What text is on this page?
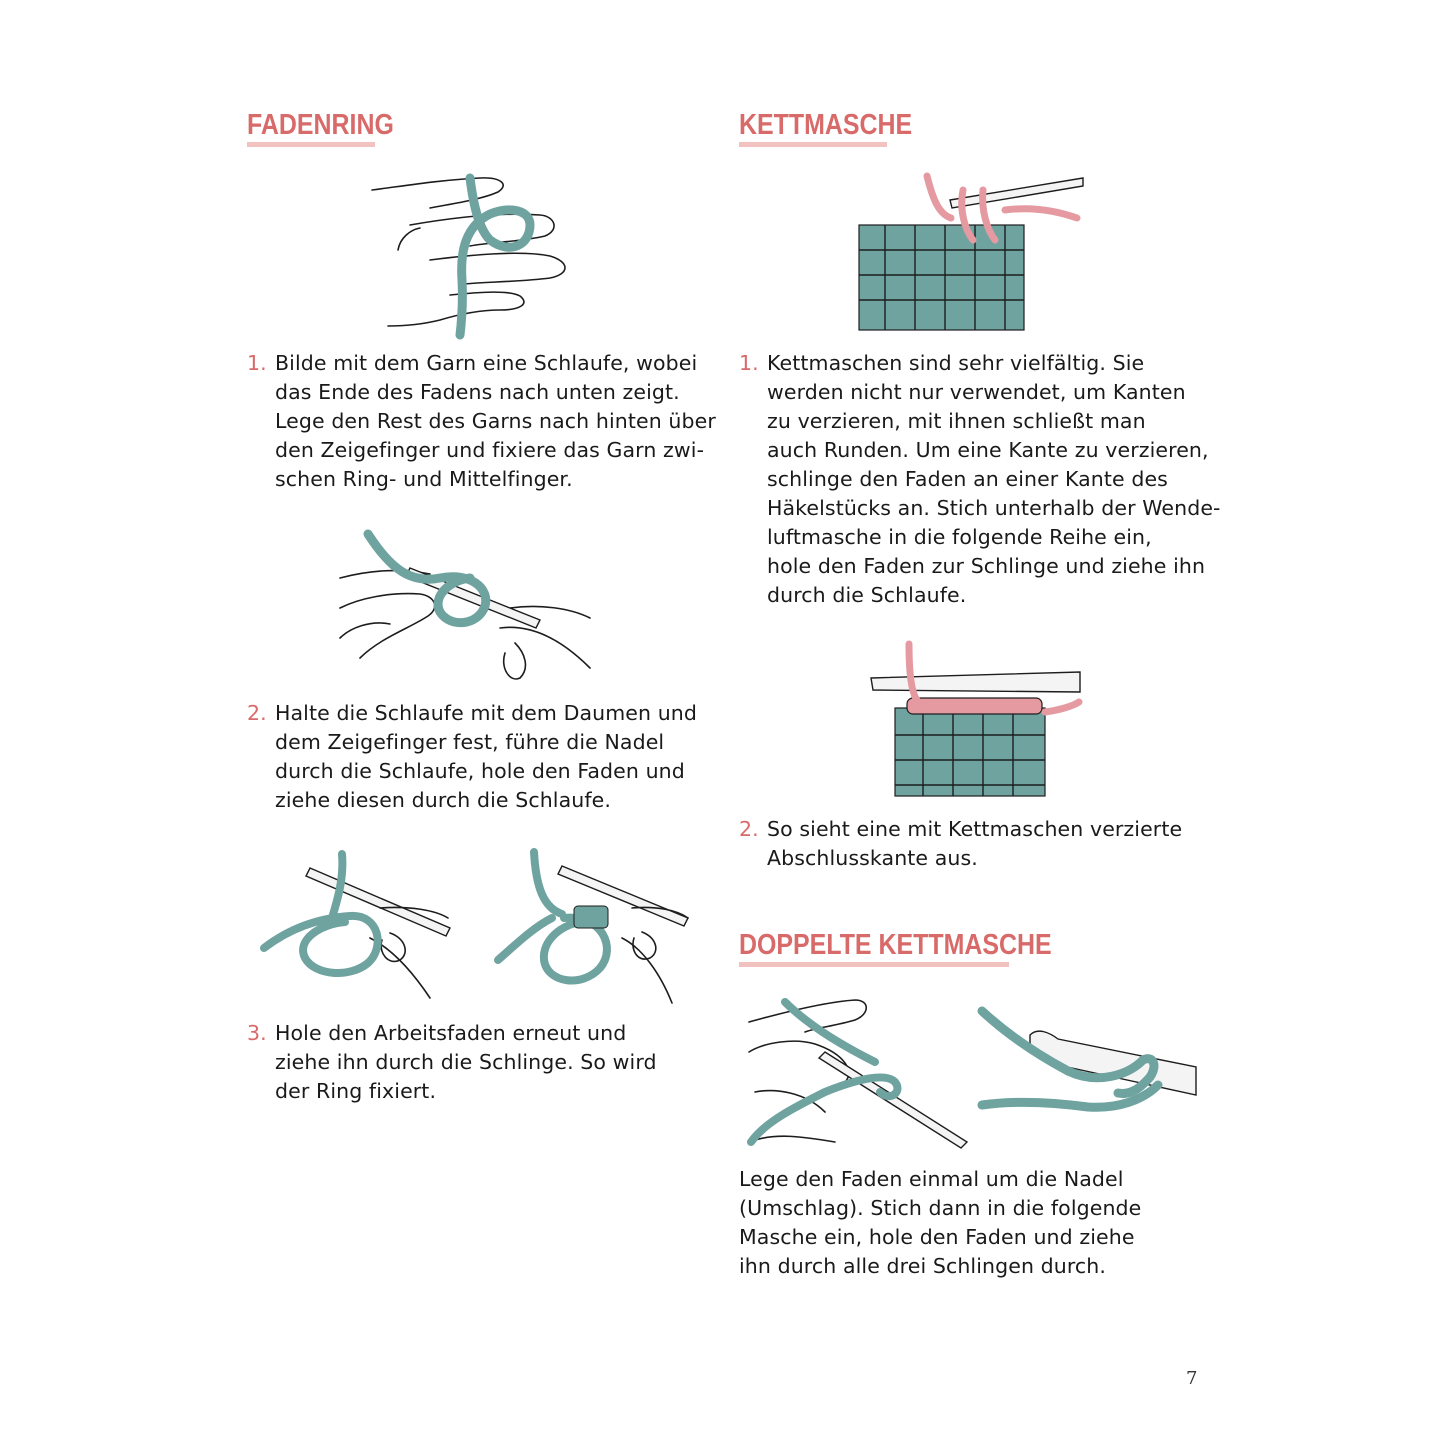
FADENRING
1. Bilde mit dem Garn eine Schlaufe, wobei
das Ende des Fadens nach unten zeigt.
Lege den Rest des Garns nach hinten über
den Zeigefinger und fixiere das Garn zwi-
schen Ring- und Mittelfinger.
2. Halte die Schlaufe mit dem Daumen und
dem Zeigefinger fest, führe die Nadel
durch die Schlaufe, hole den Faden und
ziehe diesen durch die Schlaufe.
3. Hole den Arbeitsfaden erneut und
ziehe ihn durch die Schlinge. So wird
der Ring fixiert.
KETTMASCHE
1. Kettmaschen sind sehr vielfältig. Sie
werden nicht nur verwendet, um Kanten
zu verzieren, mit ihnen schließt man
auch Runden. Um eine Kante zu verzieren,
schlinge den Faden an einer Kante des
Häkelstücks an. Stich unterhalb der Wende-
luftmasche in die folgende Reihe ein,
hole den Faden zur Schlinge und ziehe ihn
durch die Schlaufe.
2. So sieht eine mit Kettmaschen verzierte
Abschlusskante aus.
DOPPELTE KETTMASCHE
Lege den Faden einmal um die Nadel
(Umschlag). Stich dann in die folgende
Masche ein, hole den Faden und ziehe
ihn durch alle drei Schlingen durch.
7
